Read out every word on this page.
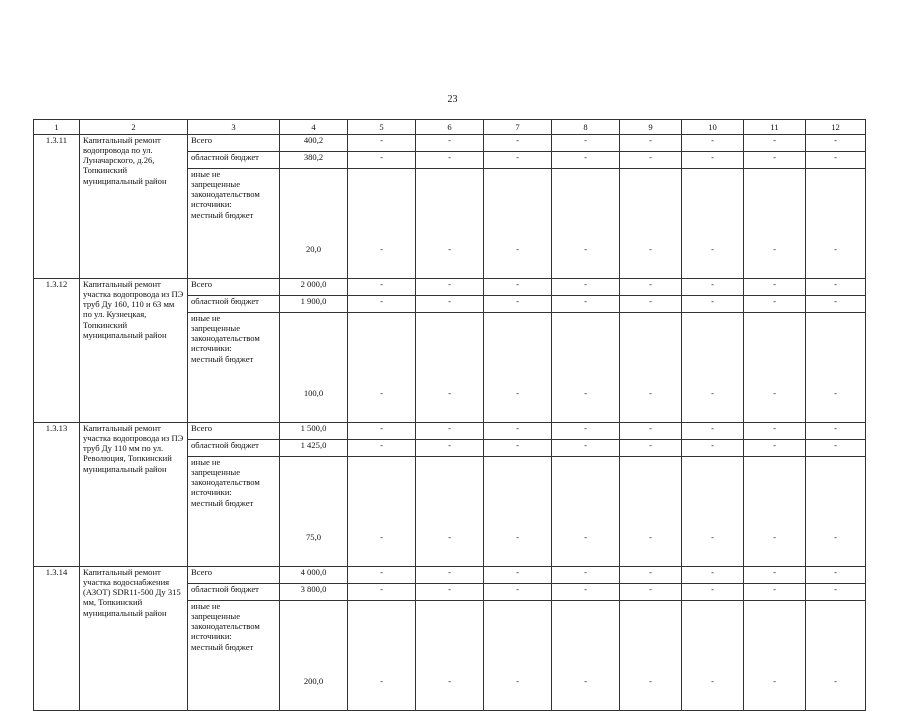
23
1	2	3	4	5	6	7	8	9	10	11	12
1.3.11	Капитальный ремонт водопровода по ул. Луначарского, д.26, Топкинский муниципальный район	Всего	400,2	-	-	-	-	-	-	-	-
		областной бюджет	380,2	-	-	-	-	-	-	-	-
		иные не
запрещенные
законодательством
источники:
местный бюджет	20,0	-	-	-	-	-	-	-	-
1.3.12	Капитальный ремонт участка водопровода из ПЭ труб Ду 160, 110 и 63 мм по ул. Кузнецкая, Топкинский муниципальный район	Всего	2 000,0	-	-	-	-	-	-	-	-
		областной бюджет	1 900,0	-	-	-	-	-	-	-	-
		иные не
запрещенные
законодательством
источники:
местный бюджет	100,0	-	-	-	-	-	-	-	-
1.3.13	Капитальный ремонт участка водопровода из ПЭ труб Ду 110 мм по ул. Революция, Топкинский муниципальный район	Всего	1 500,0	-	-	-	-	-	-	-	-
		областной бюджет	1 425,0	-	-	-	-	-	-	-	-
		иные не
запрещенные
законодательством
источники:
местный бюджет	75,0	-	-	-	-	-	-	-	-
1.3.14	Капитальный ремонт участка водоснабжения (АЗОТ) SDR11-500 Ду 315 мм, Топкинский муниципальный район	Всего	4 000,0	-	-	-	-	-	-	-	-
		областной бюджет	3 800,0	-	-	-	-	-	-	-	-
		иные не
запрещенные
законодательством
источники:
местный бюджет	200,0	-	-	-	-	-	-	-	-
